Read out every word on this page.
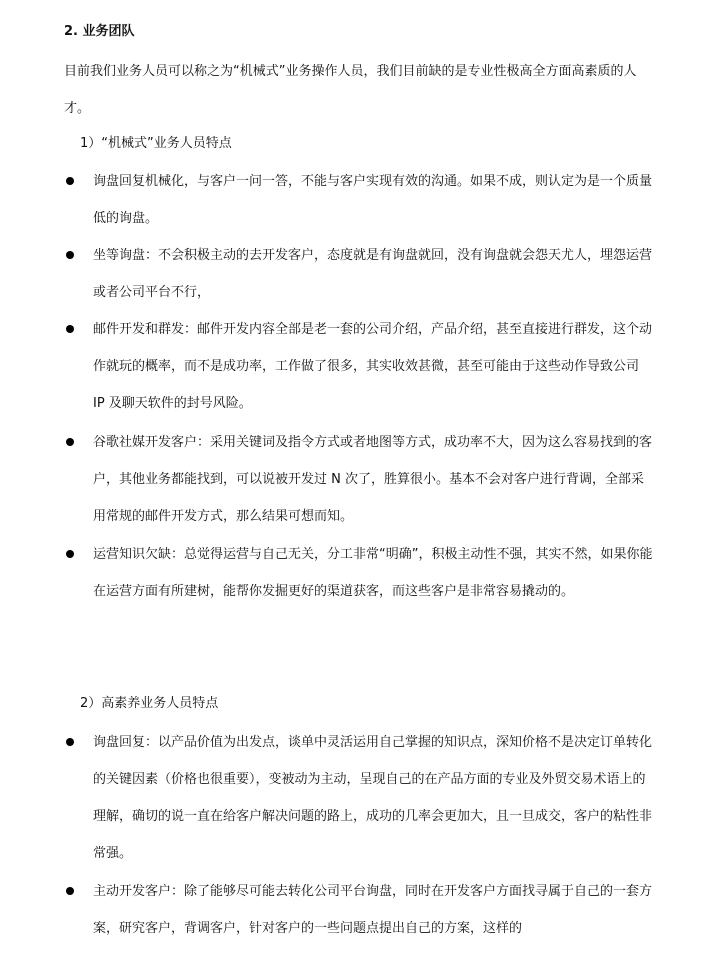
2. 业务团队
目前我们业务人员可以称之为“机械式”业务操作人员，我们目前缺的是专业性极高全方面高素质的人才。
1）“机械式”业务人员特点
询盘回复机械化，与客户一问一答，不能与客户实现有效的沟通。如果不成，则认定为是一个质量低的询盘。
坐等询盘：不会积极主动的去开发客户，态度就是有询盘就回，没有询盘就会怨天尤人，埋怨运营或者公司平台不行，
邮件开发和群发：邮件开发内容全部是老一套的公司介绍，产品介绍，甚至直接进行群发，这个动作就玩的概率，而不是成功率，工作做了很多，其实收效甚微，甚至可能由于这些动作导致公司 IP 及聊天软件的封号风险。
谷歌社媒开发客户：采用关键词及指令方式或者地图等方式，成功率不大，因为这么容易找到的客户，其他业务都能找到，可以说被开发过 N 次了，胜算很小。基本不会对客户进行背调，全部采用常规的邮件开发方式，那么结果可想而知。
运营知识欠缺：总觉得运营与自己无关，分工非常“明确”，积极主动性不强，其实不然，如果你能在运营方面有所建树，能帮你发掘更好的渠道获客，而这些客户是非常容易撬动的。
2）高素养业务人员特点
询盘回复：以产品价值为出发点，谈单中灵活运用自己掌握的知识点，深知价格不是决定订单转化的关键因素（价格也很重要），变被动为主动，呈现自己的在产品方面的专业及外贸交易术语上的理解，确切的说一直在给客户解决问题的路上，成功的几率会更加大，且一旦成交，客户的粘性非常强。
主动开发客户：除了能够尽可能去转化公司平台询盘，同时在开发客户方面找寻属于自己的一套方案，研究客户，背调客户，针对客户的一些问题点提出自己的方案，这样的
